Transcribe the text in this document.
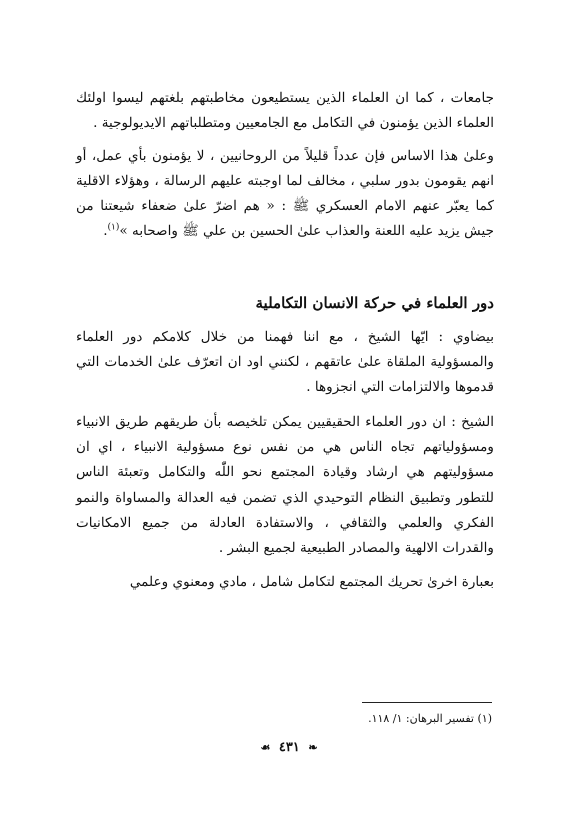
جامعات ، كما ان العلماء الذين يستطيعون مخاطبتهم بلغتهم ليسوا اولئك العلماء الذين يؤمنون في التكامل مع الجامعيين ومتطلباتهم الايديولوجية .

وعلىٰ هذا الاساس فإن عدداً قليلاً من الروحانيين ، لا يؤمنون بأي عمل، أو انهم يقومون بدور سلبي ، مخالف لما اوجبته عليهم الرسالة ، وهؤلاء الاقلية كما يعبّر عنهم الامام العسكري ﷺ : « هم اضرّ علىٰ ضعفاء شيعتنا من جيش يزيد عليه اللعنة والعذاب علىٰ الحسين بن علي ﷺ واصحابه »$^{(١)}$.

دور العلماء في حركة الانسان التكاملية

بيضاوي : ايّها الشيخ ، مع اننا فهمنا من خلال كلامكم دور العلماء والمسؤولية الملقاة علىٰ عاتقهم ، لكنني اود ان اتعرّف علىٰ الخدمات التي قدموها والالتزامات التي انجزوها .

الشيخ : ان دور العلماء الحقيقيين يمكن تلخيصه بأن طريقهم طريق الانبياء ومسؤولياتهم تجاه الناس هي من نفس نوع مسؤولية الانبياء ، اي ان مسؤوليتهم هي ارشاد وقيادة المجتمع نحو اللّٰه والتكامل وتعبئة الناس للتطور وتطبيق النظام التوحيدي الذي تضمن فيه العدالة والمساواة والنمو الفكري والعلمي والثقافي ، والاستفادة العادلة من جميع الامكانيات والقدرات الالهية والمصادر الطبيعية لجميع البشر .

بعبارة اخرىٰ تحريك المجتمع لتكامل شامل ، مادي ومعنوي وعلمي

(١) تفسير البرهان: ١/ ١١٨.
❧ ٤٣١ ☙
